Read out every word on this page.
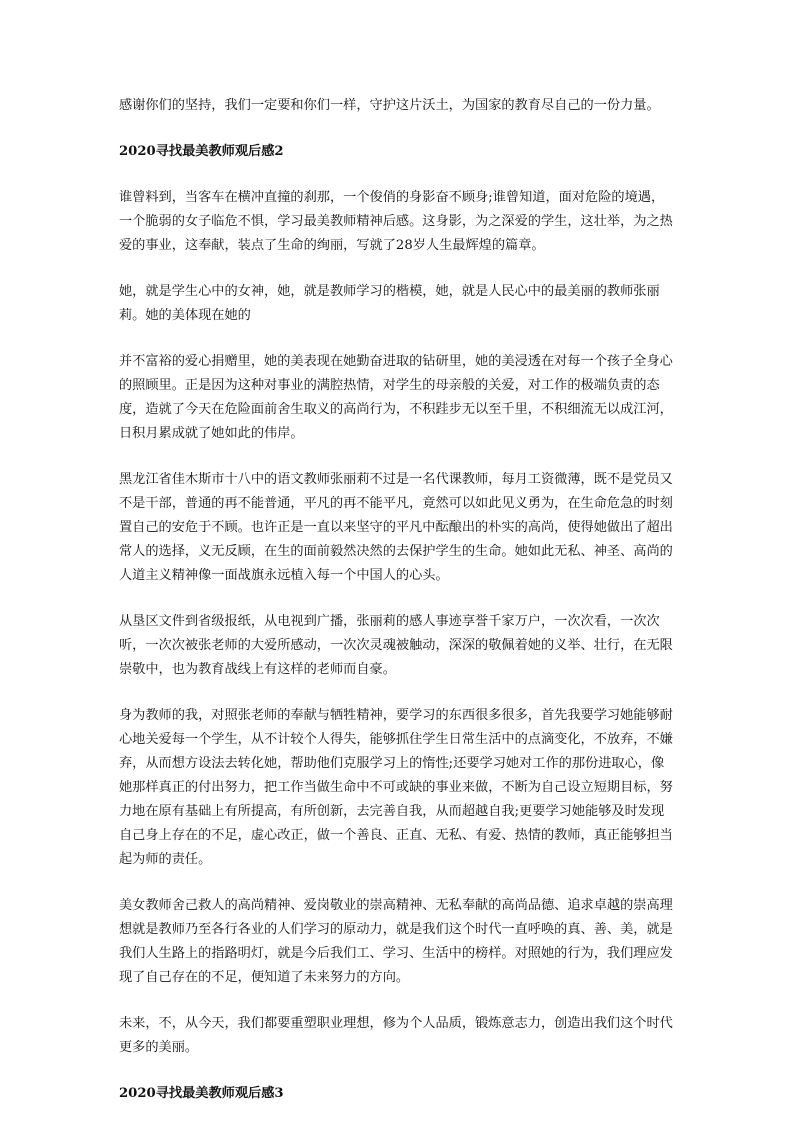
感谢你们的坚持，我们一定要和你们一样，守护这片沃土，为国家的教育尽自己的一份力量。

2020寻找最美教师观后感2

谁曾料到，当客车在横冲直撞的刹那，一个俊俏的身影奋不顾身;谁曾知道，面对危险的境遇，一个脆弱的女子临危不惧，学习最美教师精神后感。这身影，为之深爱的学生，这壮举，为之热爱的事业，这奉献，装点了生命的绚丽，写就了28岁人生最辉煌的篇章。

她，就是学生心中的女神，她，就是教师学习的楷模，她，就是人民心中的最美丽的教师张丽莉。她的美体现在她的

并不富裕的爱心捐赠里，她的美表现在她勤奋进取的钻研里，她的美浸透在对每一个孩子全身心的照顾里。正是因为这种对事业的满腔热情，对学生的母亲般的关爱，对工作的极端负责的态度，造就了今天在危险面前舍生取义的高尚行为，不积跬步无以至千里，不积细流无以成江河，日积月累成就了她如此的伟岸。

黑龙江省佳木斯市十八中的语文教师张丽莉不过是一名代课教师，每月工资微薄，既不是党员又不是干部，普通的再不能普通，平凡的再不能平凡，竟然可以如此见义勇为，在生命危急的时刻置自己的安危于不顾。也许正是一直以来坚守的平凡中酝酿出的朴实的高尚，使得她做出了超出常人的选择，义无反顾，在生的面前毅然决然的去保护学生的生命。她如此无私、神圣、高尚的人道主义精神像一面战旗永远植入每一个中国人的心头。

从垦区文件到省级报纸，从电视到广播，张丽莉的感人事迹享誉千家万户，一次次看，一次次听，一次次被张老师的大爱所感动，一次次灵魂被触动，深深的敬佩着她的义举、壮行，在无限崇敬中，也为教育战线上有这样的老师而自豪。

身为教师的我，对照张老师的奉献与牺牲精神，要学习的东西很多很多，首先我要学习她能够耐心地关爱每一个学生，从不计较个人得失，能够抓住学生日常生活中的点滴变化，不放弃，不嫌弃，从而想方设法去转化她，帮助他们克服学习上的惰性;还要学习她对工作的那份进取心，像她那样真正的付出努力，把工作当做生命中不可或缺的事业来做，不断为自己设立短期目标，努力地在原有基础上有所提高，有所创新，去完善自我，从而超越自我;更要学习她能够及时发现自己身上存在的不足，虚心改正，做一个善良、正直、无私、有爱、热情的教师，真正能够担当起为师的责任。

美女教师舍己救人的高尚精神、爱岗敬业的崇高精神、无私奉献的高尚品德、追求卓越的崇高理想就是教师乃至各行各业的人们学习的原动力，就是我们这个时代一直呼唤的真、善、美，就是我们人生路上的指路明灯，就是今后我们工、学习、生活中的榜样。对照她的行为，我们理应发现了自己存在的不足，便知道了未来努力的方向。

未来，不，从今天，我们都要重塑职业理想，修为个人品质，锻炼意志力，创造出我们这个时代更多的美丽。

2020寻找最美教师观后感3
